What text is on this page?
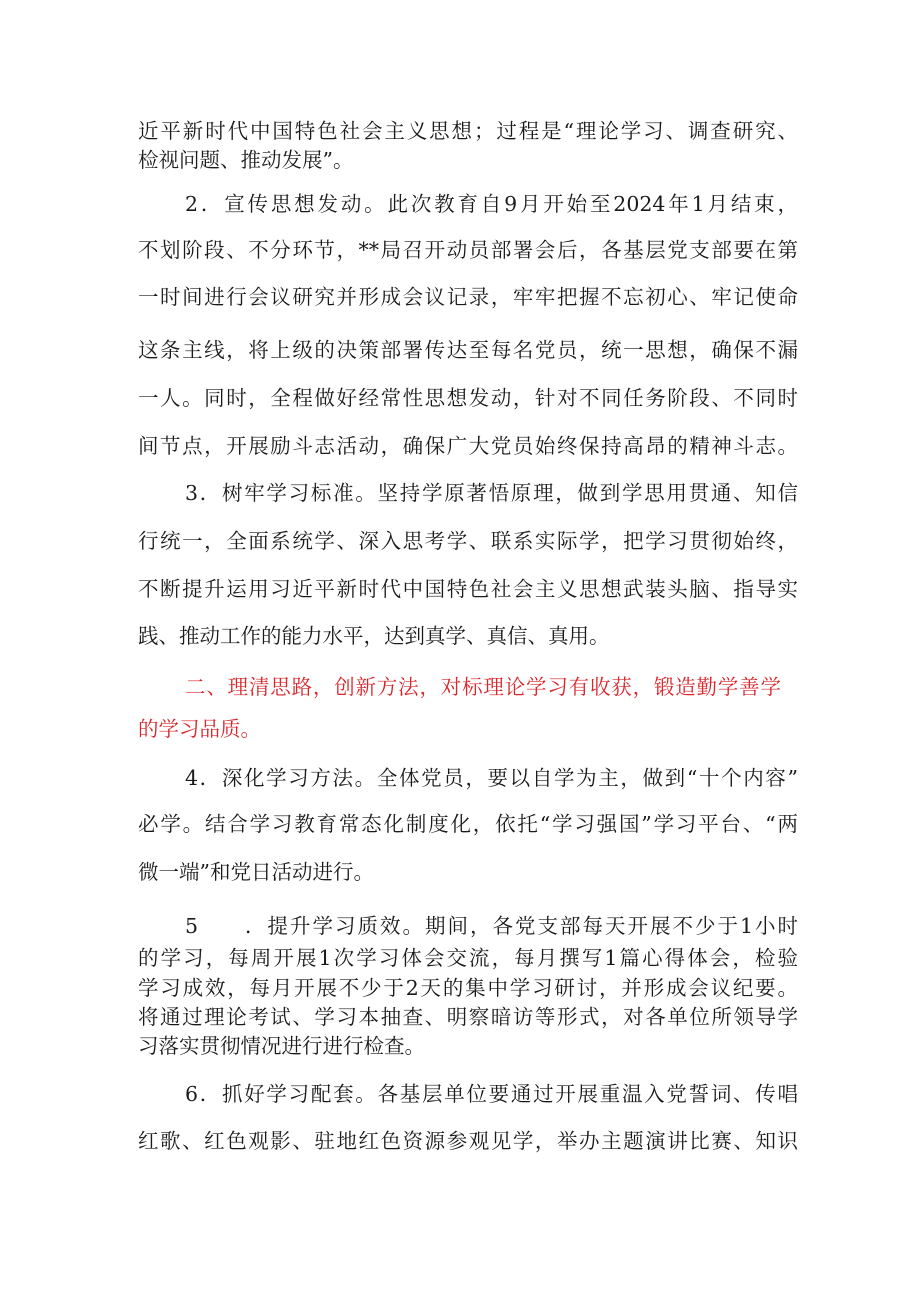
近平新时代中国特色社会主义思想；过程是“理论学习、调查研究、
检视问题、推动发展”。
2．宣传思想发动。此次教育自9月开始至2024年1月结束，
不划阶段、不分环节，**局召开动员部署会后，各基层党支部要在第
一时间进行会议研究并形成会议记录，牢牢把握不忘初心、牢记使命
这条主线，将上级的决策部署传达至每名党员，统一思想，确保不漏
一人。同时，全程做好经常性思想发动，针对不同任务阶段、不同时
间节点，开展励斗志活动，确保广大党员始终保持高昂的精神斗志。
3．树牢学习标准。坚持学原著悟原理，做到学思用贯通、知信
行统一，全面系统学、深入思考学、联系实际学，把学习贯彻始终，
不断提升运用习近平新时代中国特色社会主义思想武装头脑、指导实
践、推动工作的能力水平，达到真学、真信、真用。
二、理清思路，创新方法，对标理论学习有收获，锻造勤学善学
的学习品质。
4．深化学习方法。全体党员，要以自学为主，做到“十个内容”
必学。结合学习教育常态化制度化，依托“学习强国”学习平台、“两
微一端”和党日活动进行。
5　　．提升学习质效。期间，各党支部每天开展不少于1小时
的学习，每周开展1次学习体会交流，每月撰写1篇心得体会，检验
学习成效，每月开展不少于2天的集中学习研讨，并形成会议纪要。
将通过理论考试、学习本抽查、明察暗访等形式，对各单位所领导学
习落实贯彻情况进行进行检查。
6．抓好学习配套。各基层单位要通过开展重温入党誓词、传唱
红歌、红色观影、驻地红色资源参观见学，举办主题演讲比赛、知识
